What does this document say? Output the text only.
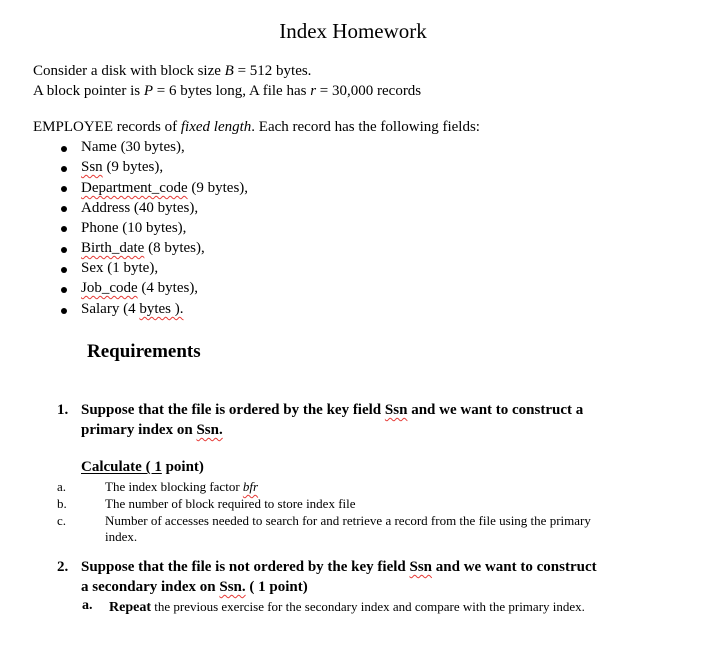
Index Homework
Consider a disk with block size B = 512 bytes.
A block pointer is P = 6 bytes long, A file has r = 30,000 records
EMPLOYEE records of fixed length. Each record has the following fields:
Name (30 bytes),
Ssn (9 bytes),
Department_code (9 bytes),
Address (40 bytes),
Phone (10 bytes),
Birth_date (8 bytes),
Sex (1 byte),
Job_code (4 bytes),
Salary (4 bytes ).
Requirements
1. Suppose that the file is ordered by the key field Ssn and we want to construct a
primary index on Ssn.
Calculate ( 1 point)
a.	The index blocking factor bfr
b.	The number of block required to store index file
c.	Number of accesses needed to search for and retrieve a record from the file using the primary
index.
2. Suppose that the file is not ordered by the key field Ssn and we want to construct
a secondary index on Ssn. ( 1 point)
a. Repeat the previous exercise for the secondary index and compare with the primary index.
